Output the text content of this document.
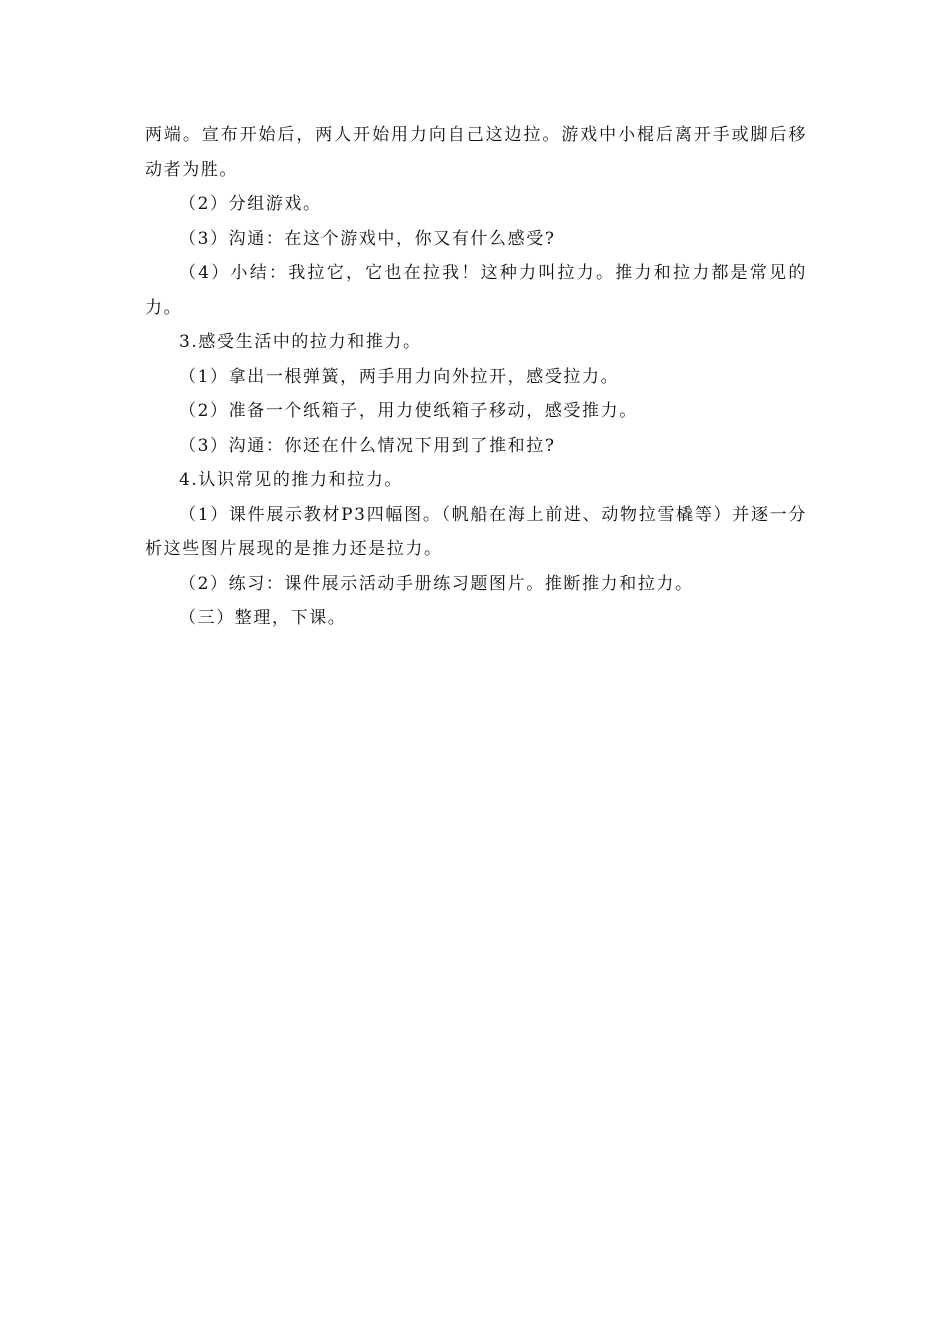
两端。宣布开始后，两人开始用力向自己这边拉。游戏中小棍后离开手或脚后移动者为胜。

（2）分组游戏。

（3）沟通：在这个游戏中，你又有什么感受?

（4）小结：我拉它，它也在拉我！这种力叫拉力。推力和拉力都是常见的力。

3.感受生活中的拉力和推力。

（1）拿出一根弹簧，两手用力向外拉开，感受拉力。

（2）准备一个纸箱子，用力使纸箱子移动，感受推力。

（3）沟通：你还在什么情况下用到了推和拉?

4.认识常见的推力和拉力。

（1）课件展示教材P3四幅图。（帆船在海上前进、动物拉雪橇等）并逐一分析这些图片展现的是推力还是拉力。

（2）练习：课件展示活动手册练习题图片。推断推力和拉力。

（三）整理，下课。
